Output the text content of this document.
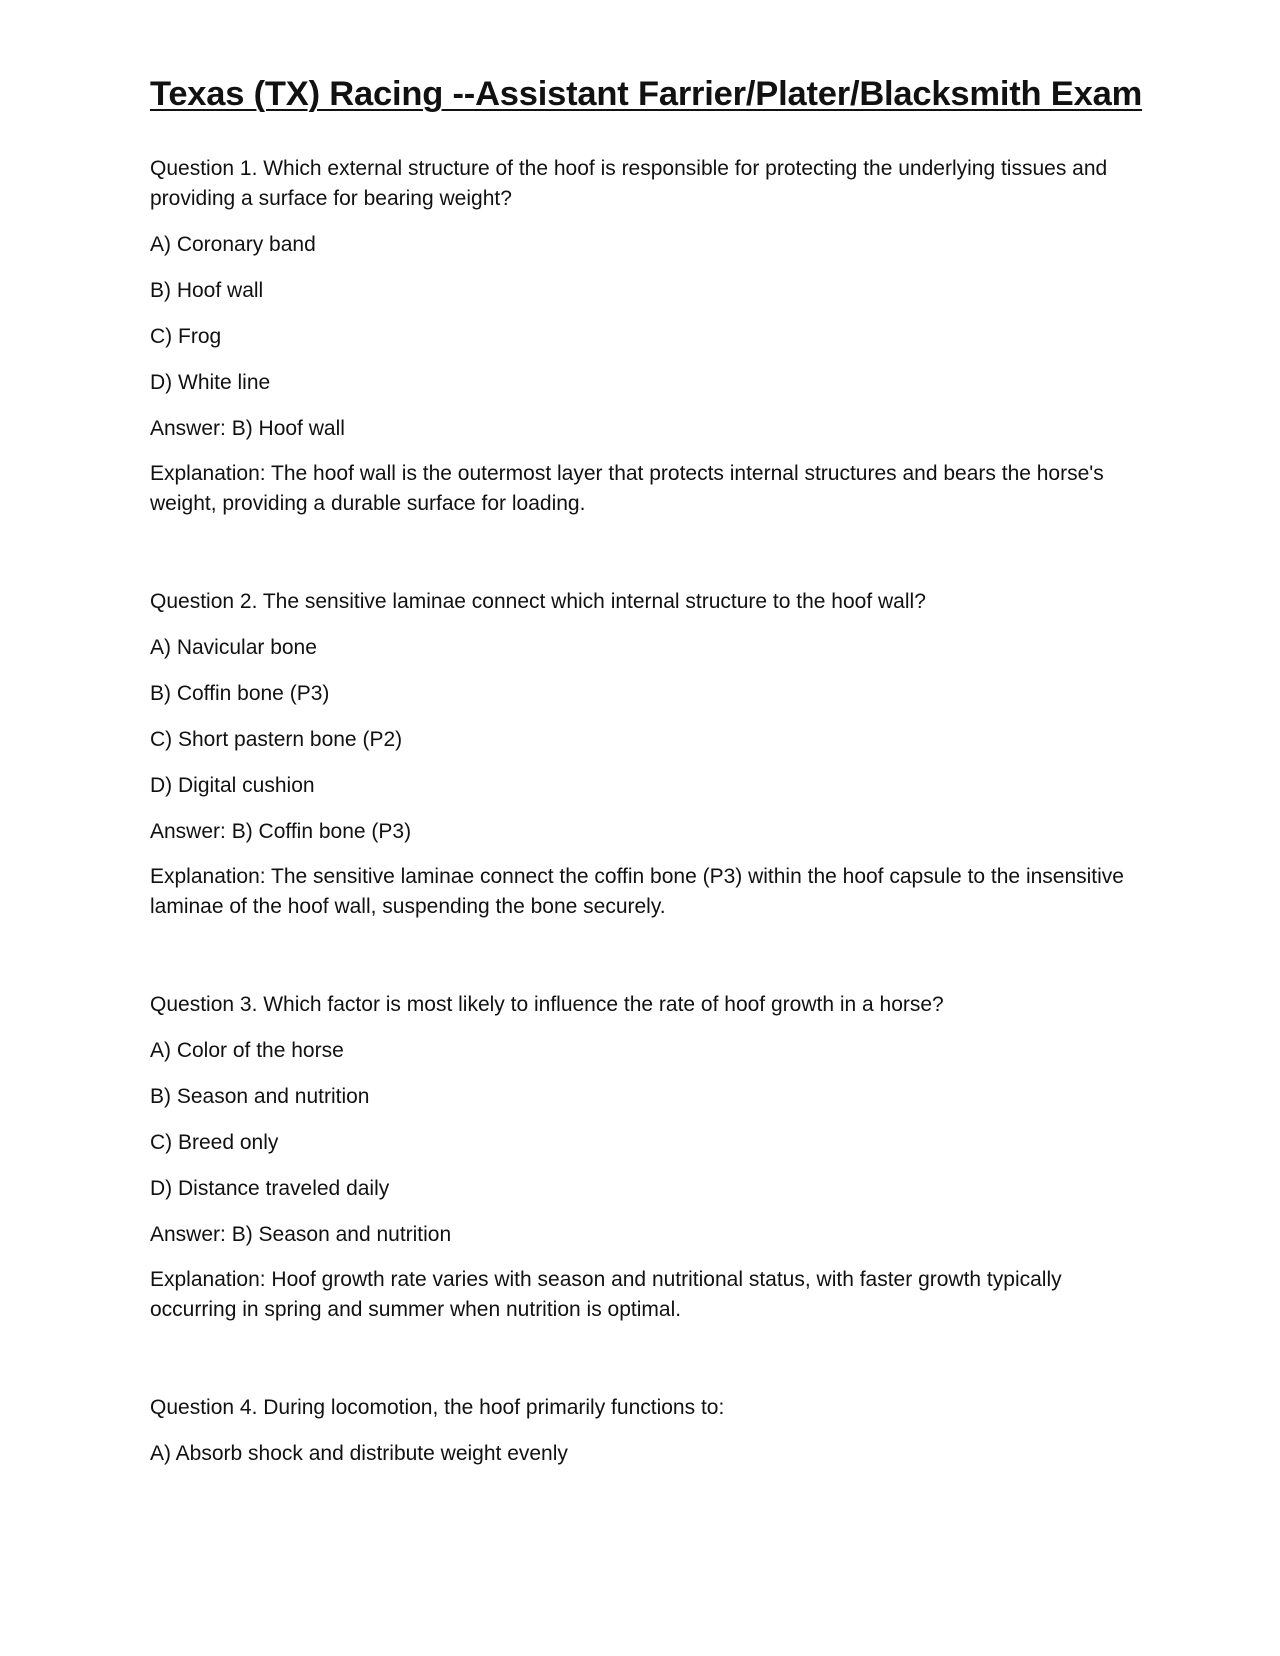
Texas (TX) Racing --Assistant Farrier/Plater/Blacksmith Exam

Question 1. Which external structure of the hoof is responsible for protecting the underlying tissues and providing a surface for bearing weight?

A) Coronary band

B) Hoof wall

C) Frog

D) White line

Answer: B) Hoof wall

Explanation: The hoof wall is the outermost layer that protects internal structures and bears the horse's weight, providing a durable surface for loading.

Question 2. The sensitive laminae connect which internal structure to the hoof wall?

A) Navicular bone

B) Coffin bone (P3)

C) Short pastern bone (P2)

D) Digital cushion

Answer: B) Coffin bone (P3)

Explanation: The sensitive laminae connect the coffin bone (P3) within the hoof capsule to the insensitive laminae of the hoof wall, suspending the bone securely.

Question 3. Which factor is most likely to influence the rate of hoof growth in a horse?

A) Color of the horse

B) Season and nutrition

C) Breed only

D) Distance traveled daily

Answer: B) Season and nutrition

Explanation: Hoof growth rate varies with season and nutritional status, with faster growth typically occurring in spring and summer when nutrition is optimal.

Question 4. During locomotion, the hoof primarily functions to:

A) Absorb shock and distribute weight evenly
